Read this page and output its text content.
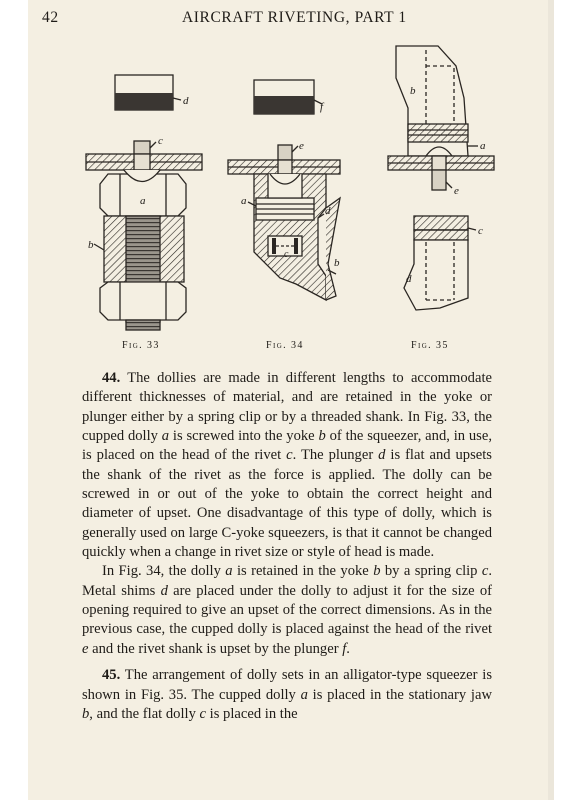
42	AIRCRAFT RIVETING, PART 1
d
c
a
b
Fig. 33
f
e
a
d
c
b
Fig. 34
b
a
e
c
d
Fig. 35

44. The dollies are made in different lengths to accommodate different thicknesses of material, and are retained in the yoke or plunger either by a spring clip or by a threaded shank. In Fig. 33, the cupped dolly a is screwed into the yoke b of the squeezer, and, in use, is placed on the head of the rivet c. The plunger d is flat and upsets the shank of the rivet as the force is applied. The dolly can be screwed in or out of the yoke to obtain the correct height and diameter of upset. One disadvantage of this type of dolly, which is generally used on large C-yoke squeezers, is that it cannot be changed quickly when a change in rivet size or style of head is made.

In Fig. 34, the dolly a is retained in the yoke b by a spring clip c. Metal shims d are placed under the dolly to adjust it for the size of opening required to give an upset of the correct dimensions. As in the previous case, the cupped dolly is placed against the head of the rivet e and the rivet shank is upset by the plunger f.

45. The arrangement of dolly sets in an alligator-type squeezer is shown in Fig. 35. The cupped dolly a is placed in the stationary jaw b, and the flat dolly c is placed in the
